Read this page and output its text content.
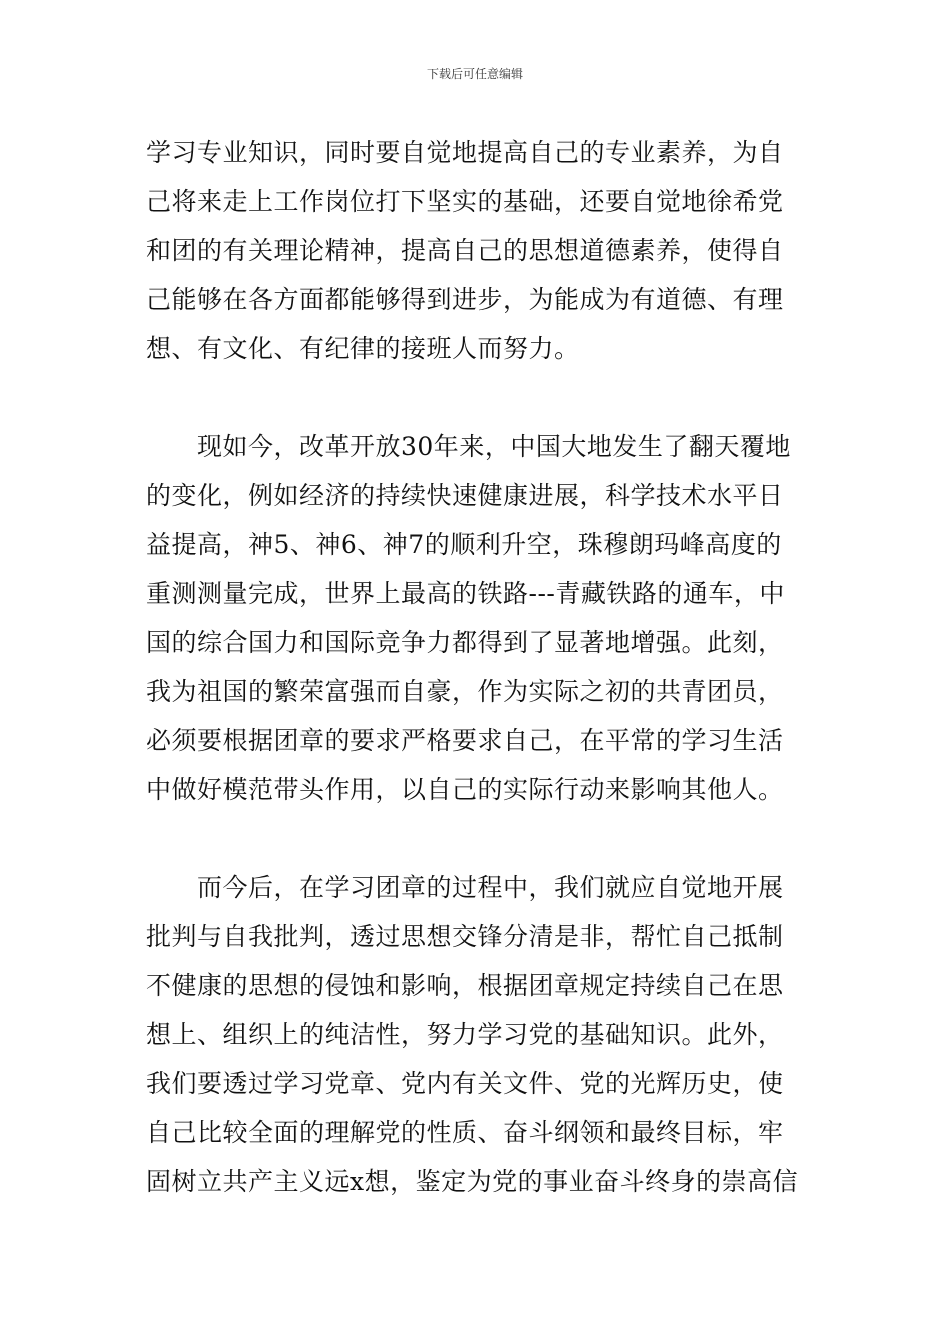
下载后可任意编辑
学习专业知识，同时要自觉地提高自己的专业素养，为自
己将来走上工作岗位打下坚实的基础，还要自觉地徐希党
和团的有关理论精神，提高自己的思想道德素养，使得自
己能够在各方面都能够得到进步，为能成为有道德、有理
想、有文化、有纪律的接班人而努力。
　　现如今，改革开放30年来，中国大地发生了翻天覆地
的变化，例如经济的持续快速健康进展，科学技术水平日
益提高，神5、神6、神7的顺利升空，珠穆朗玛峰高度的
重测测量完成，世界上最高的铁路---青藏铁路的通车，中
国的综合国力和国际竞争力都得到了显著地增强。此刻，
我为祖国的繁荣富强而自豪，作为实际之初的共青团员，
必须要根据团章的要求严格要求自己，在平常的学习生活
中做好模范带头作用，以自己的实际行动来影响其他人。
　　而今后，在学习团章的过程中，我们就应自觉地开展
批判与自我批判，透过思想交锋分清是非，帮忙自己抵制
不健康的思想的侵蚀和影响，根据团章规定持续自己在思
想上、组织上的纯洁性，努力学习党的基础知识。此外，
我们要透过学习党章、党内有关文件、党的光辉历史，使
自己比较全面的理解党的性质、奋斗纲领和最终目标，牢
固树立共产主义远x想，鉴定为党的事业奋斗终身的崇高信
